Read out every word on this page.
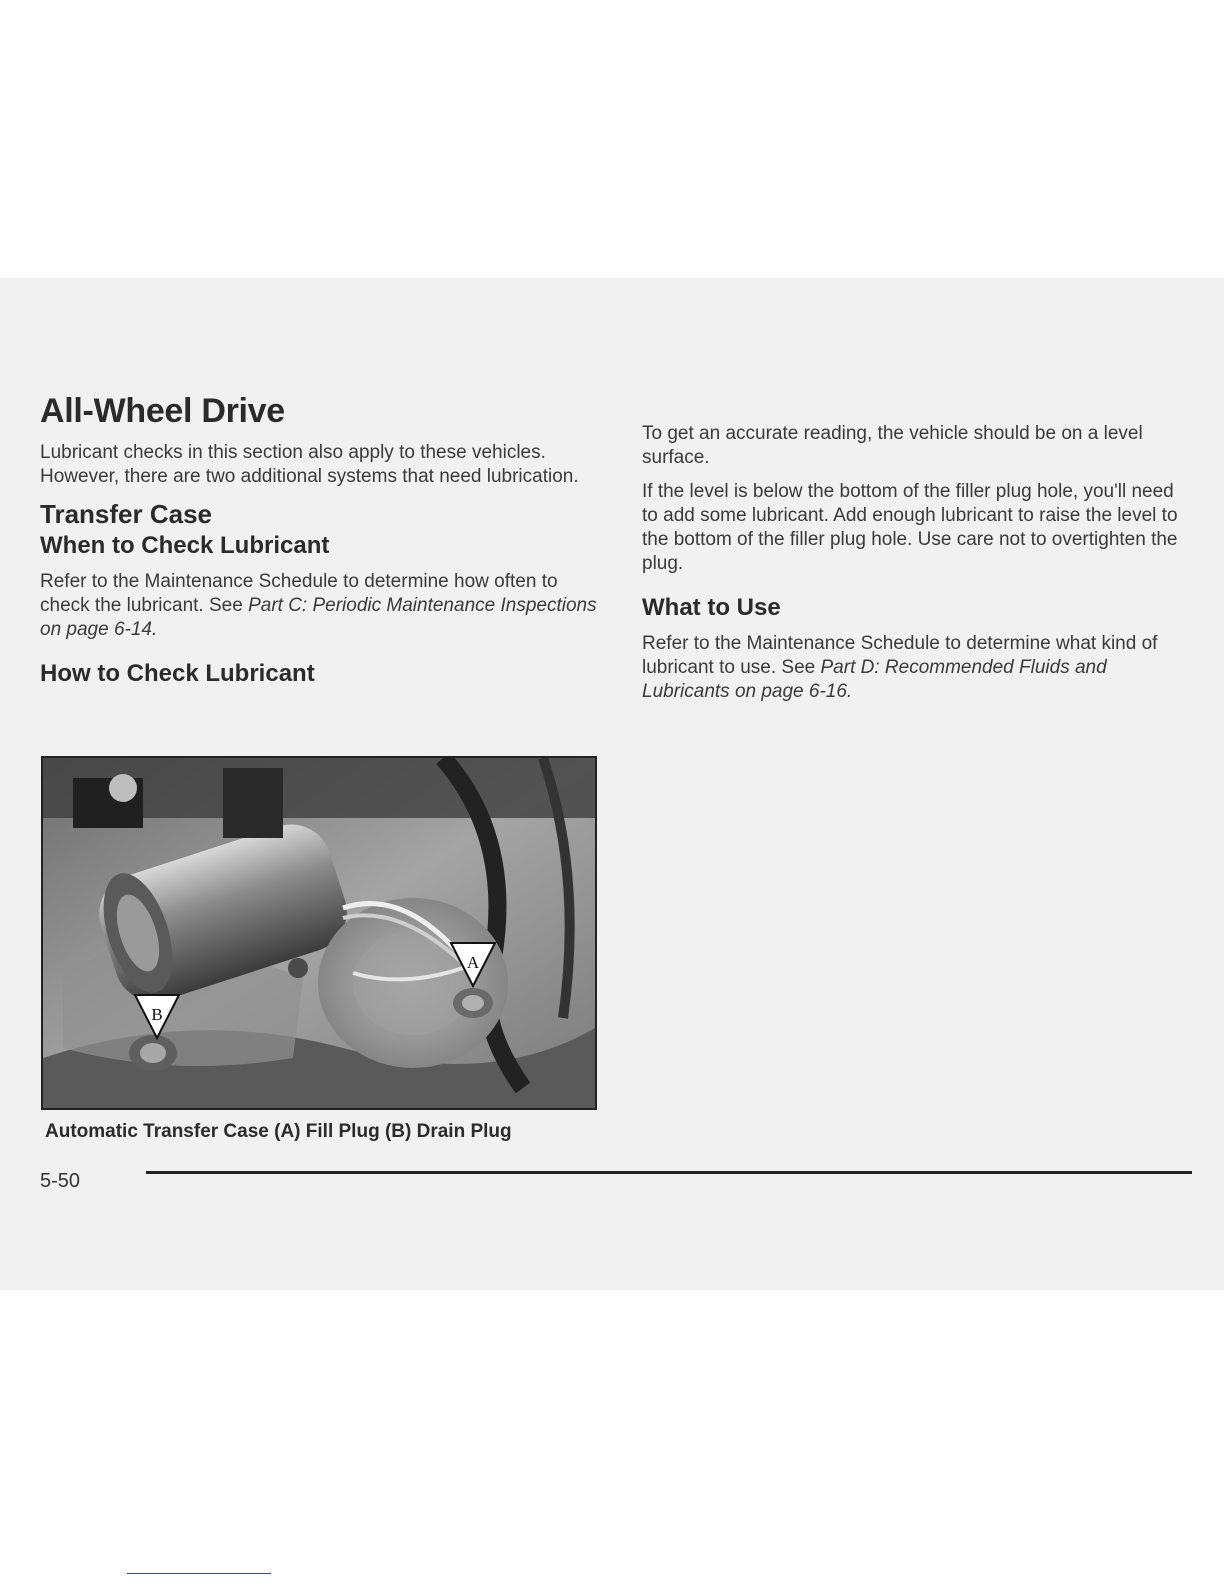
All-Wheel Drive

Lubricant checks in this section also apply to these vehicles. However, there are two additional systems that need lubrication.

Transfer Case
When to Check Lubricant

Refer to the Maintenance Schedule to determine how often to check the lubricant. See Part C: Periodic Maintenance Inspections on page 6-14.

How to Check Lubricant
A
B

Automatic Transfer Case (A) Fill Plug (B) Drain Plug

To get an accurate reading, the vehicle should be on a level surface.

If the level is below the bottom of the filler plug hole, you'll need to add some lubricant. Add enough lubricant to raise the level to the bottom of the filler plug hole. Use care not to overtighten the plug.

What to Use

Refer to the Maintenance Schedule to determine what kind of lubricant to use. See Part D: Recommended Fluids and Lubricants on page 6-16.

5-50
